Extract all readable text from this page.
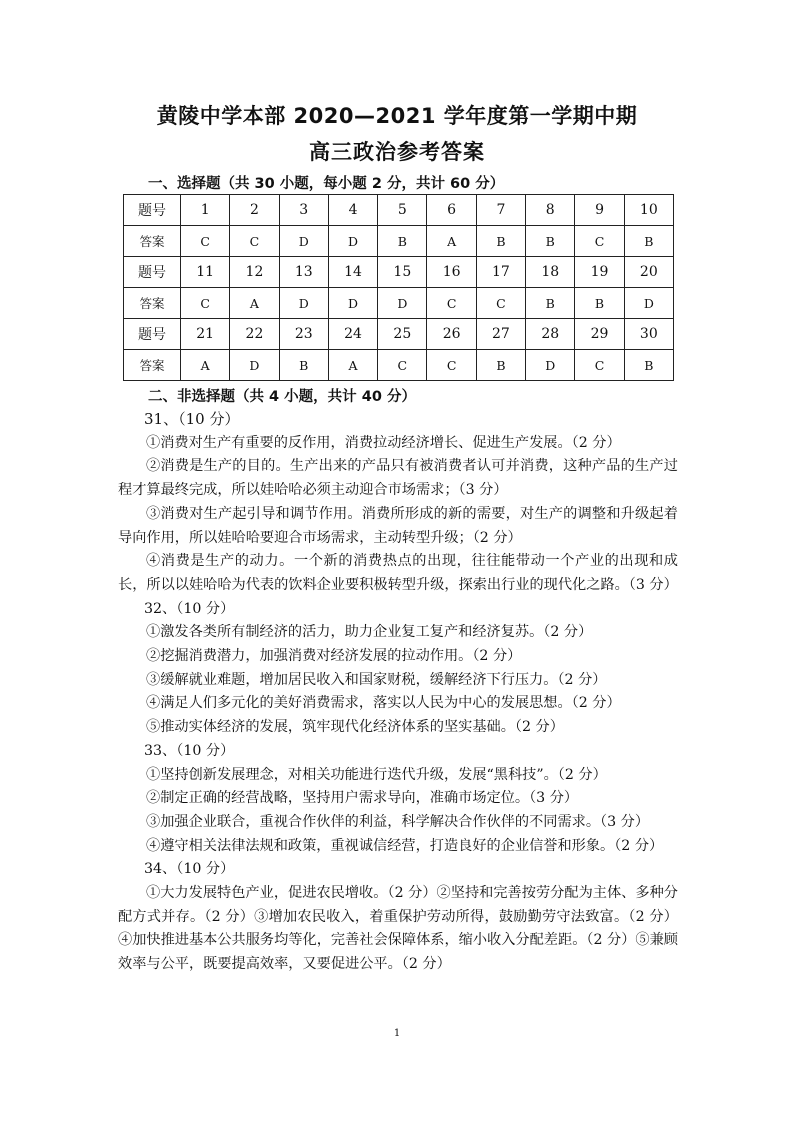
黄陵中学本部 2020—2021 学年度第一学期中期
高三政治参考答案
一、选择题（共 30 小题，每小题 2 分，共计 60 分）
题号	1	2	3	4	5	6	7	8	9	10
答案	C	C	D	D	B	A	B	B	C	B
题号	11	12	13	14	15	16	17	18	19	20
答案	C	A	D	D	D	C	C	B	B	D
题号	21	22	23	24	25	26	27	28	29	30
答案	A	D	B	A	C	C	B	D	C	B
二、非选择题（共 4 小题，共计 40 分）

31、（10 分）

①消费对生产有重要的反作用，消费拉动经济增长、促进生产发展。（2 分）

②消费是生产的目的。生产出来的产品只有被消费者认可并消费，这种产品的生产过程才算最终完成，所以娃哈哈必须主动迎合市场需求；（3 分）

③消费对生产起引导和调节作用。消费所形成的新的需要，对生产的调整和升级起着导向作用，所以娃哈哈要迎合市场需求，主动转型升级；（2 分）

④消费是生产的动力。一个新的消费热点的出现，往往能带动一个产业的出现和成长，所以以娃哈哈为代表的饮料企业要积极转型升级，探索出行业的现代化之路。（3 分）

32、（10 分）

①激发各类所有制经济的活力，助力企业复工复产和经济复苏。（2 分）

②挖掘消费潜力，加强消费对经济发展的拉动作用。（2 分）

③缓解就业难题，增加居民收入和国家财税，缓解经济下行压力。（2 分）

④满足人们多元化的美好消费需求，落实以人民为中心的发展思想。（2 分）

⑤推动实体经济的发展，筑牢现代化经济体系的坚实基础。（2 分）

33、（10 分）

①坚持创新发展理念，对相关功能进行迭代升级，发展“黑科技”。（2 分）

②制定正确的经营战略，坚持用户需求导向，准确市场定位。（3 分）

③加强企业联合，重视合作伙伴的利益，科学解决合作伙伴的不同需求。（3 分）

④遵守相关法律法规和政策，重视诚信经营，打造良好的企业信誉和形象。（2 分）

34、（10 分）

①大力发展特色产业，促进农民增收。（2 分）②坚持和完善按劳分配为主体、多种分配方式并存。（2 分）③增加农民收入，着重保护劳动所得，鼓励勤劳守法致富。（2 分）④加快推进基本公共服务均等化，完善社会保障体系，缩小收入分配差距。（2 分）⑤兼顾效率与公平，既要提高效率，又要促进公平。（2 分）

1
